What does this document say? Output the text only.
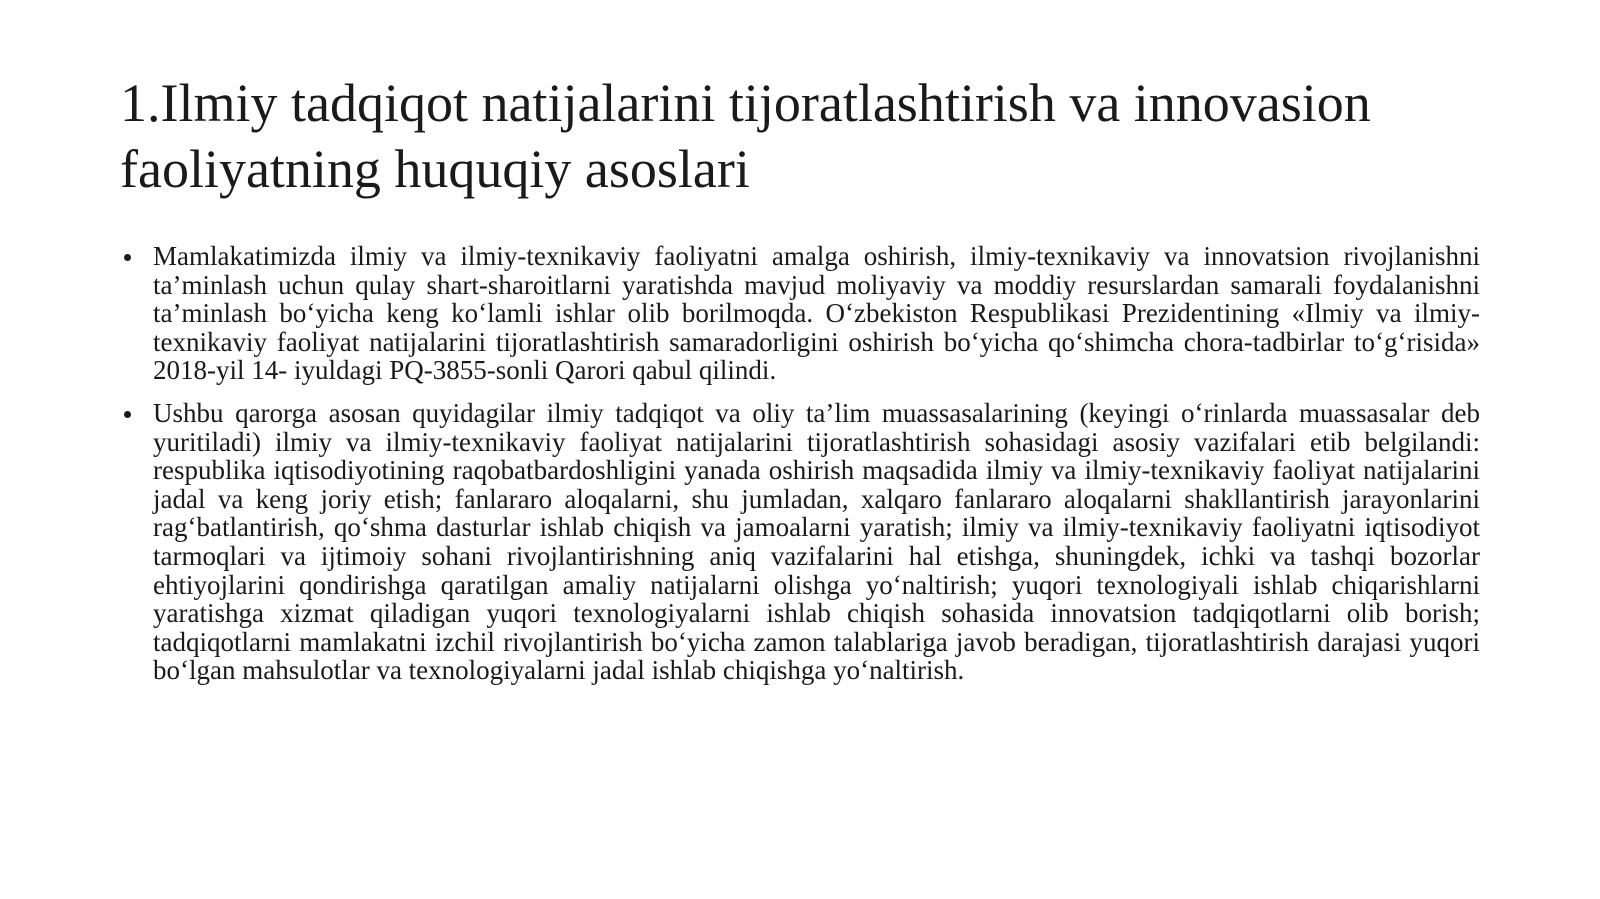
1.Ilmiy tadqiqot natijalarini tijoratlashtirish va innovasion faoliyatning huquqiy asoslari
Mamlakatimizda ilmiy va ilmiy-texnikaviy faoliyatni amalga oshirish, ilmiy-texnikaviy va innovatsion rivojlanishni ta’minlash uchun qulay shart-sharoitlarni yaratishda mavjud moliyaviy va moddiy resurslardan samarali foydalanishni ta’minlash bo‘yicha keng ko‘lamli ishlar olib borilmoqda. O‘zbekiston Respublikasi Prezidentining «Ilmiy va ilmiy-texnikaviy faoliyat natijalarini tijoratlashtirish samaradorligini oshirish bo‘yicha qo‘shimcha chora-tadbirlar to‘g‘risida» 2018-yil 14- iyuldagi PQ-3855-sonli Qarori qabul qilindi.
Ushbu qarorga asosan quyidagilar ilmiy tadqiqot va oliy ta’lim muassasalarining (keyingi o‘rinlarda muassasalar deb yuritiladi) ilmiy va ilmiy-texnikaviy faoliyat natijalarini tijoratlashtirish sohasidagi asosiy vazifalari etib belgilandi: respublika iqtisodiyotining raqobatbardoshligini yanada oshirish maqsadida ilmiy va ilmiy-texnikaviy faoliyat natijalarini jadal va keng joriy etish; fanlararo aloqalarni, shu jumladan, xalqaro fanlararo aloqalarni shakllantirish jarayonlarini rag‘batlantirish, qo‘shma dasturlar ishlab chiqish va jamoalarni yaratish; ilmiy va ilmiy-texnikaviy faoliyatni iqtisodiyot tarmoqlari va ijtimoiy sohani rivojlantirishning aniq vazifalarini hal etishga, shuningdek, ichki va tashqi bozorlar ehtiyojlarini qondirishga qaratilgan amaliy natijalarni olishga yo‘naltirish; yuqori texnologiyali ishlab chiqarishlarni yaratishga xizmat qiladigan yuqori texnologiyalarni ishlab chiqish sohasida innovatsion tadqiqotlarni olib borish; tadqiqotlarni mamlakatni izchil rivojlantirish bo‘yicha zamon talablariga javob beradigan, tijoratlashtirish darajasi yuqori bo‘lgan mahsulotlar va texnologiyalarni jadal ishlab chiqishga yo‘naltirish.
